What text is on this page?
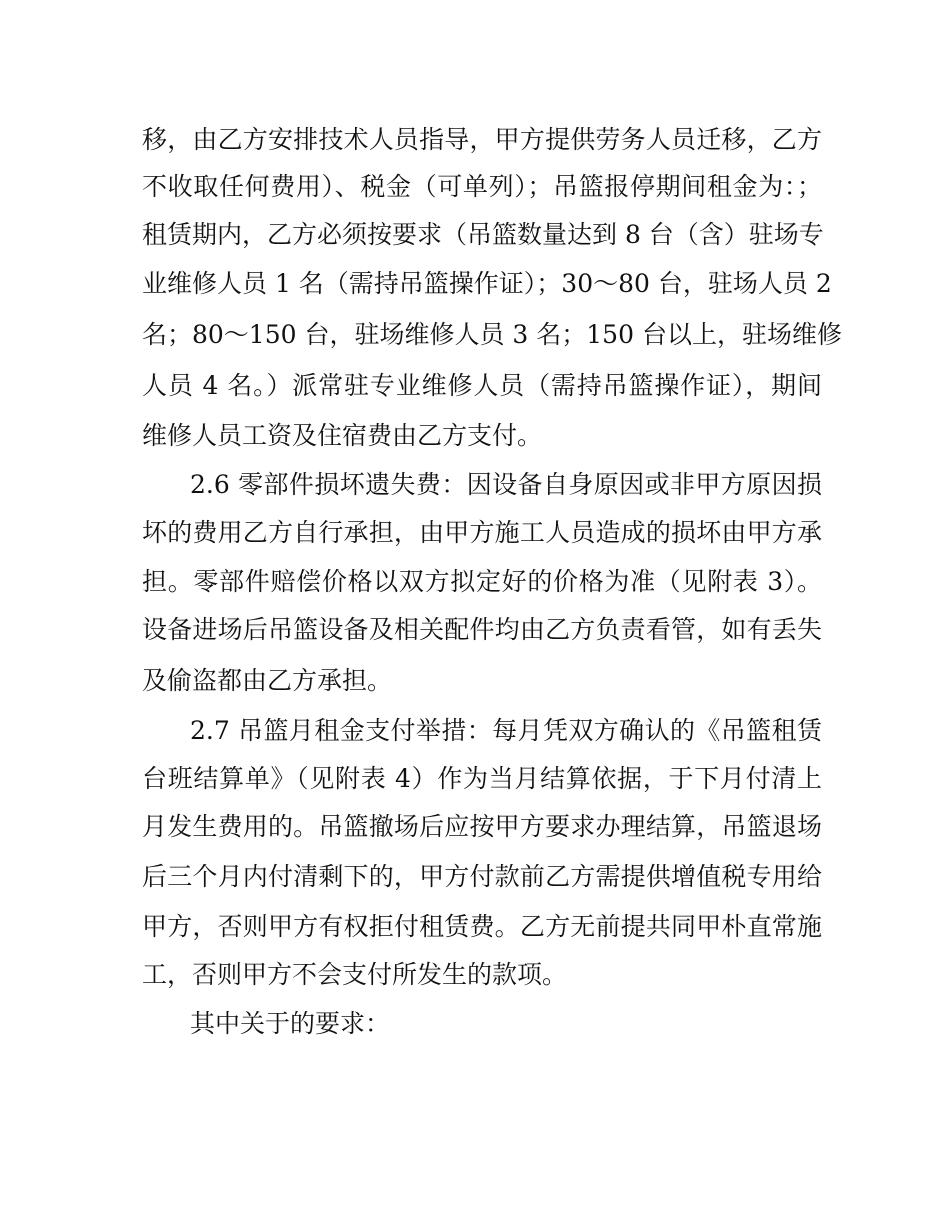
移，由乙方安排技术人员指导，甲方提供劳务人员迁移，乙方
不收取任何费用）、税金（可单列）；吊篮报停期间租金为：；
租赁期内，乙方必须按要求（吊篮数量达到 8 台（含）驻场专
业维修人员 1 名（需持吊篮操作证）；30～80 台，驻场人员 2
名；80～150 台，驻场维修人员 3 名；150 台以上，驻场维修
人员 4 名。）派常驻专业维修人员（需持吊篮操作证），期间
维修人员工资及住宿费由乙方支付。
2.6 零部件损坏遗失费：因设备自身原因或非甲方原因损
坏的费用乙方自行承担，由甲方施工人员造成的损坏由甲方承
担。零部件赔偿价格以双方拟定好的价格为准（见附表 3）。
设备进场后吊篮设备及相关配件均由乙方负责看管，如有丢失
及偷盗都由乙方承担。
2.7 吊篮月租金支付举措：每月凭双方确认的《吊篮租赁
台班结算单》（见附表 4）作为当月结算依据，于下月付清上
月发生费用的。吊篮撤场后应按甲方要求办理结算，吊篮退场
后三个月内付清剩下的，甲方付款前乙方需提供增值税专用给
甲方，否则甲方有权拒付租赁费。乙方无前提共同甲朴直常施
工，否则甲方不会支付所发生的款项。
其中关于的要求：
